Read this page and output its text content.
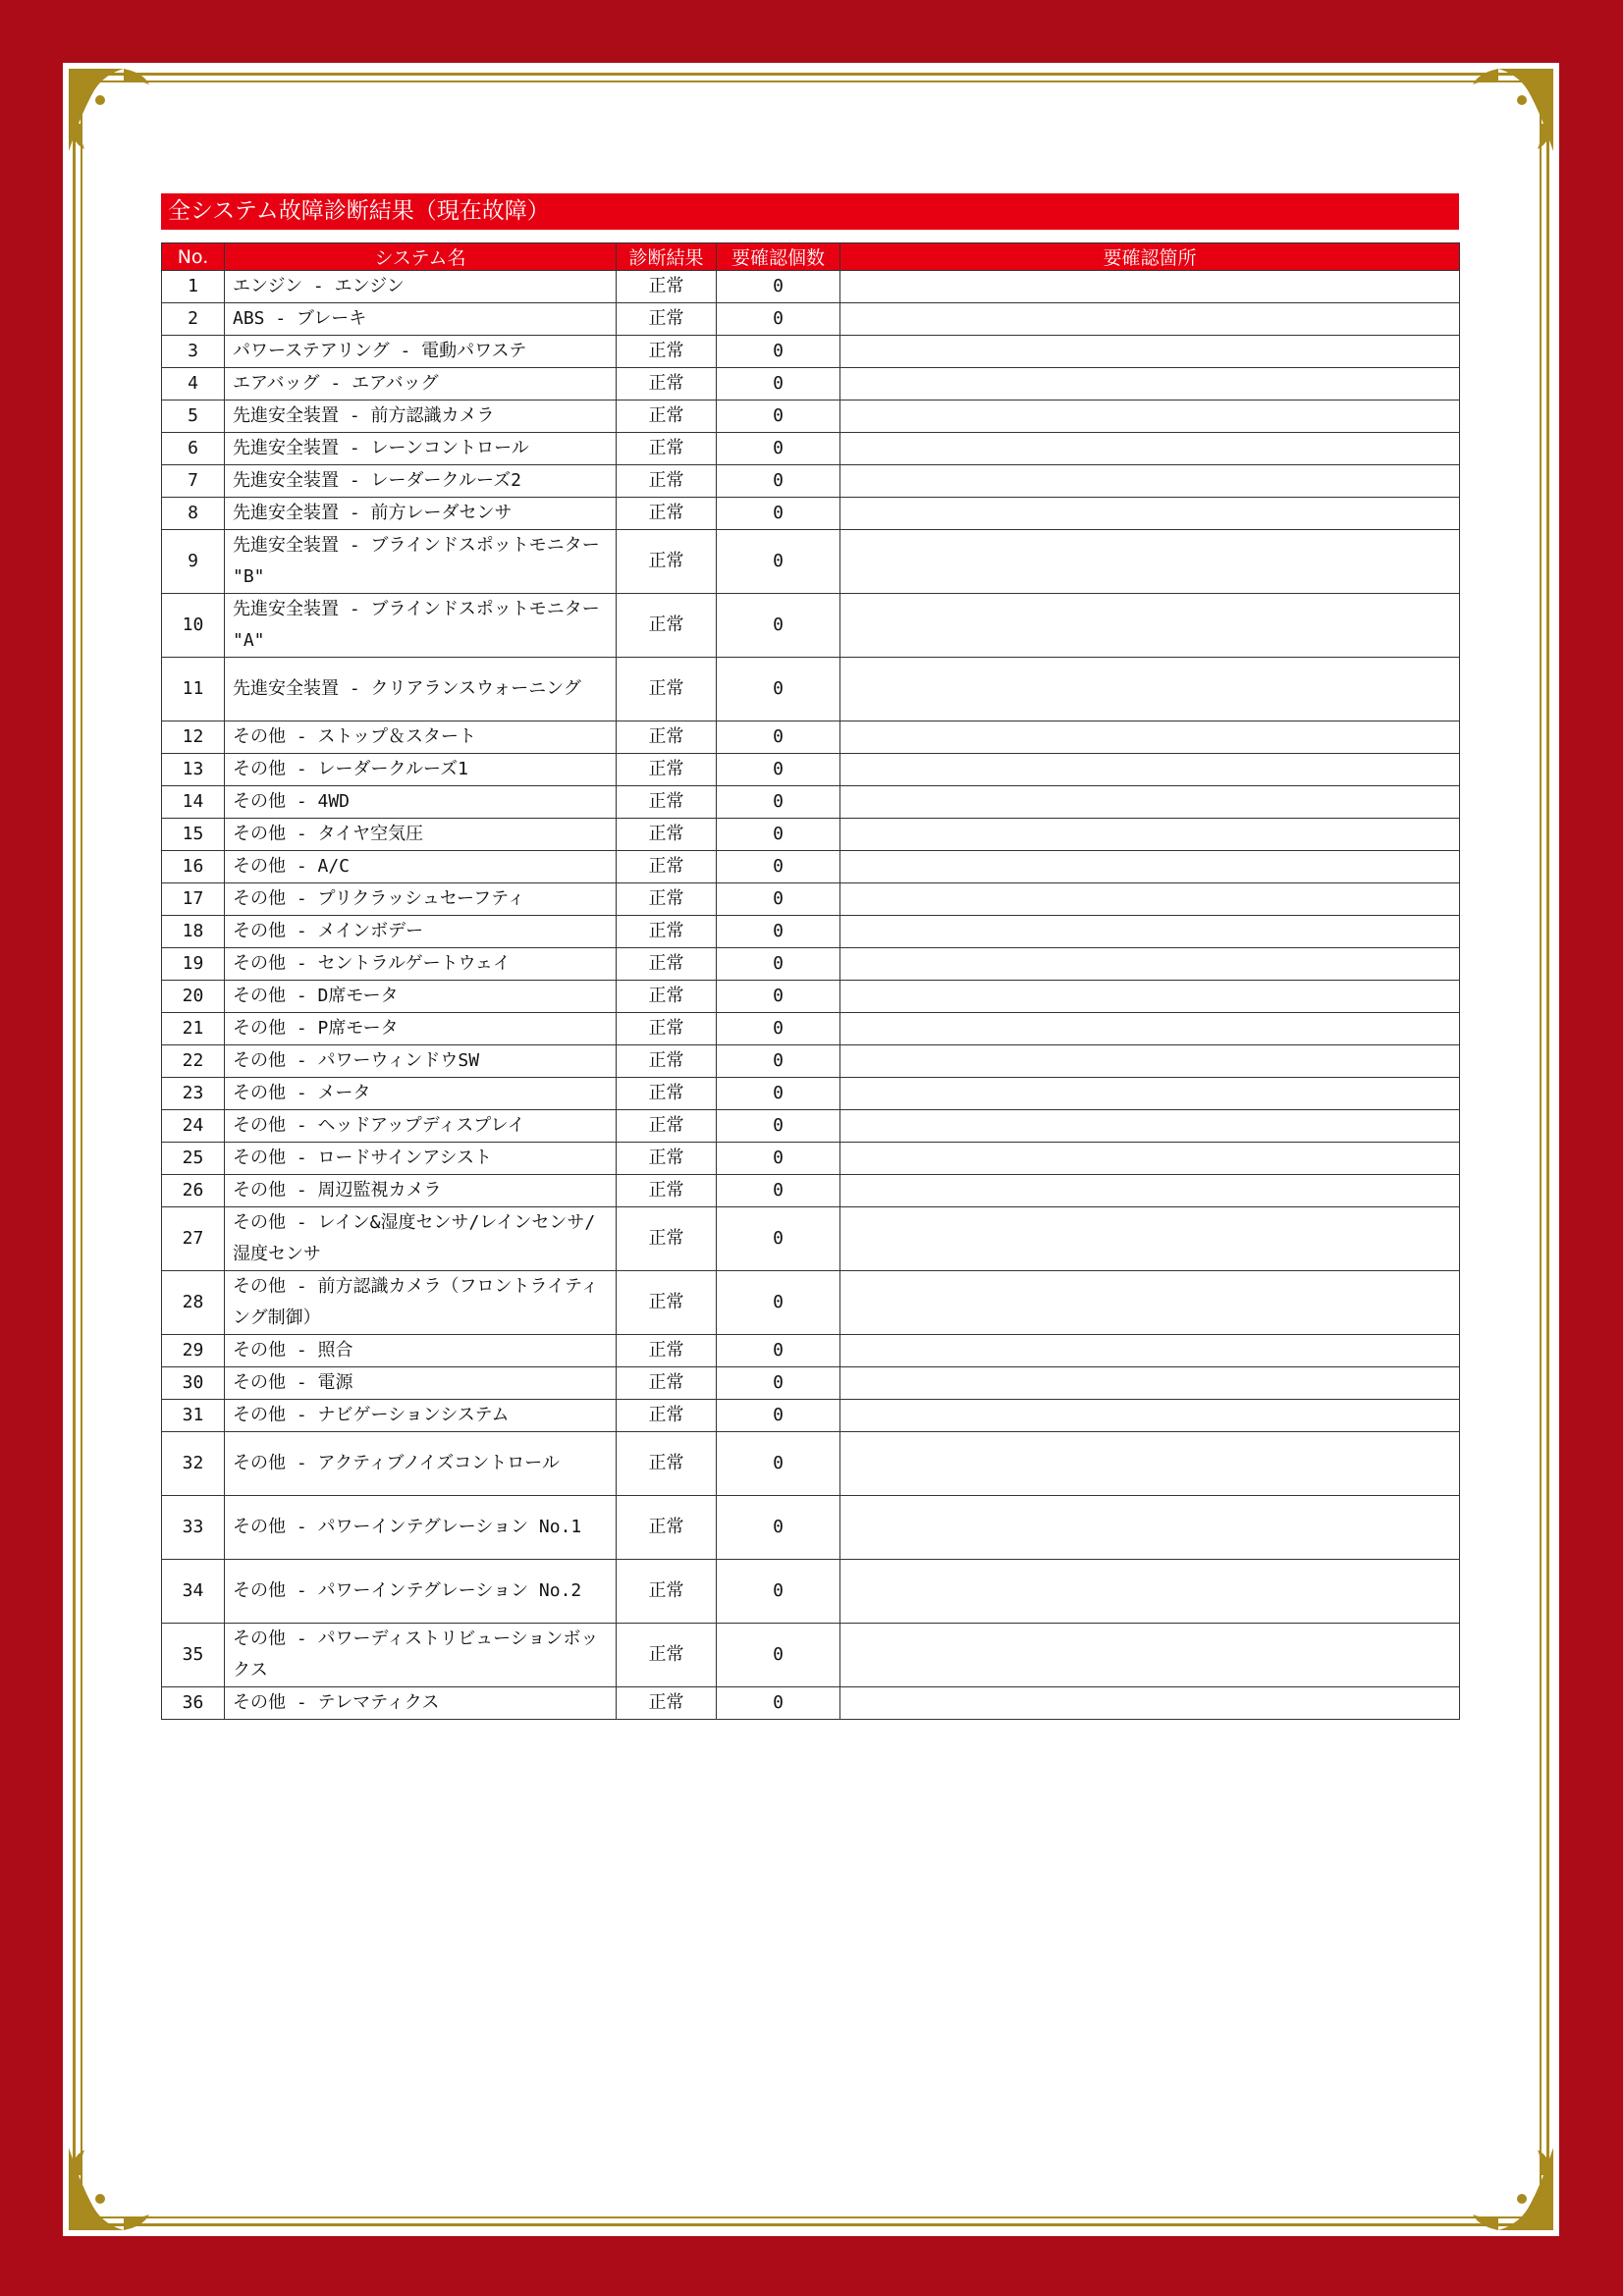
全システム故障診断結果（現在故障）
No.	システム名	診断結果	要確認個数	要確認箇所
1	エンジン - エンジン	正常	0	
2	ABS - ブレーキ	正常	0	
3	パワーステアリング - 電動パワステ	正常	0	
4	エアバッグ - エアバッグ	正常	0	
5	先進安全装置 - 前方認識カメラ	正常	0	
6	先進安全装置 - レーンコントロール	正常	0	
7	先進安全装置 - レーダークルーズ2	正常	0	
8	先進安全装置 - 前方レーダセンサ	正常	0	
9	先進安全装置 - ブラインドスポットモニター "B"	正常	0	
10	先進安全装置 - ブラインドスポットモニター "A"	正常	0	
11	先進安全装置 - クリアランスウォーニング	正常	0	
12	その他 - ストップ＆スタート	正常	0	
13	その他 - レーダークルーズ1	正常	0	
14	その他 - 4WD	正常	0	
15	その他 - タイヤ空気圧	正常	0	
16	その他 - A/C	正常	0	
17	その他 - プリクラッシュセーフティ	正常	0	
18	その他 - メインボデー	正常	0	
19	その他 - セントラルゲートウェイ	正常	0	
20	その他 - D席モータ	正常	0	
21	その他 - P席モータ	正常	0	
22	その他 - パワーウィンドウSW	正常	0	
23	その他 - メータ	正常	0	
24	その他 - ヘッドアップディスプレイ	正常	0	
25	その他 - ロードサインアシスト	正常	0	
26	その他 - 周辺監視カメラ	正常	0	
27	その他 - レイン&湿度センサ/レインセンサ/湿度センサ	正常	0	
28	その他 - 前方認識カメラ（フロントライティング制御）	正常	0	
29	その他 - 照合	正常	0	
30	その他 - 電源	正常	0	
31	その他 - ナビゲーションシステム	正常	0	
32	その他 - アクティブノイズコントロール	正常	0	
33	その他 - パワーインテグレーション No.1	正常	0	
34	その他 - パワーインテグレーション No.2	正常	0	
35	その他 - パワーディストリビューションボックス	正常	0	
36	その他 - テレマティクス	正常	0	
